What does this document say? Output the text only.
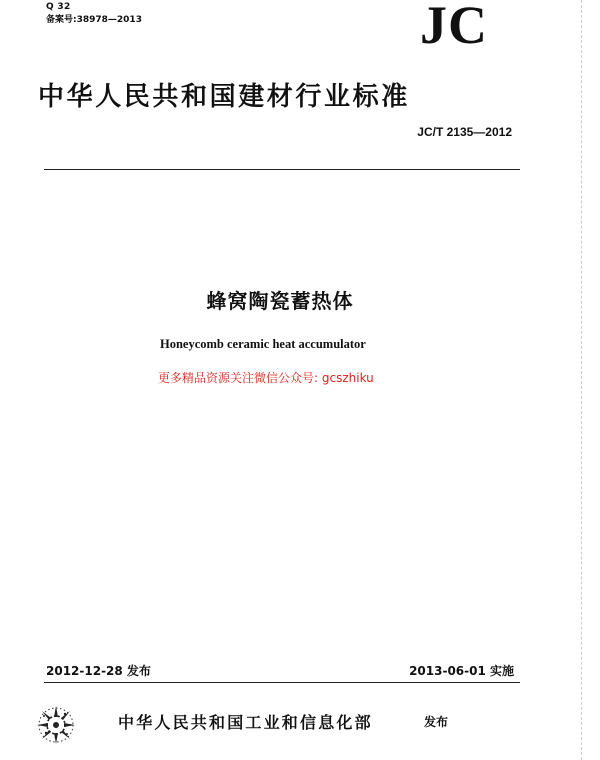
Q 32
备案号:38978—2013	JC
中华人民共和国建材行业标准
JC/T 2135—2012
蜂窝陶瓷蓄热体
Honeycomb ceramic heat accumulator
更多精品资源关注微信公众号: gcszhiku
2012-12-28 发布	2013-06-01 实施
中华人民共和国工业和信息化部	发布
